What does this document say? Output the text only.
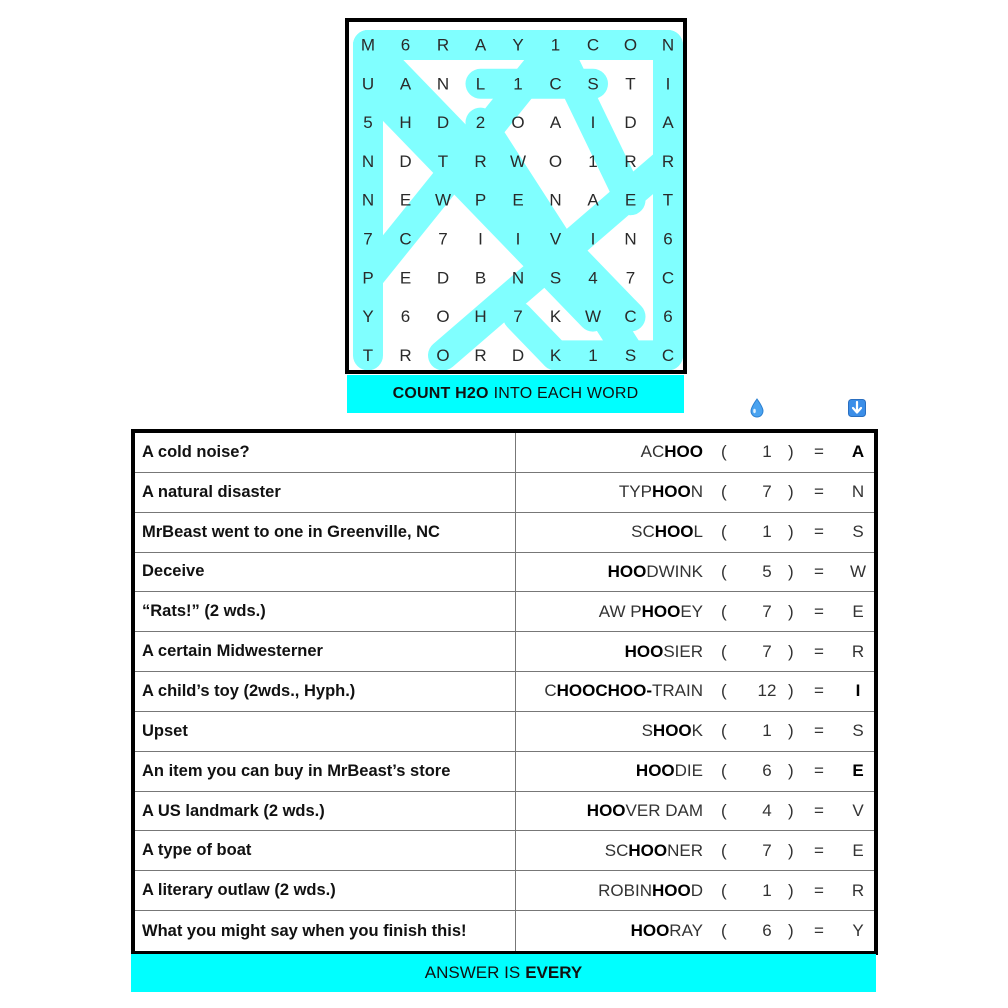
M 6 R A Y 1 C O N
U A N L 1 C S T I
5 H D 2 O A I D A
N D T R W O 1 R R
N E W P E N A E T
7 C 7 I I V I N 6
P E D B N S 4 7 C
Y 6 O H 7 K W C 6
T R O R D K 1 S C
COUNT H2O INTO EACH WORD
A cold noise?	AC HOO (	1 ) = A
A natural disaster	TYP HOO N (	7 ) = N
MrBeast went to one in Greenville, NC	SC HOO L (	1 ) = S
Deceive	HOO DWINK (	5 ) = W
“Rats!” (2 wds.)	AW P HOO EY (	7 ) = E
A certain Midwesterner	HOO SIER (	7 ) = R
A child’s toy (2wds., Hyph.)	C HOOCHOO- TRAIN (	12 ) =	I
Upset	S HOO K (	1 ) = S
An item you can buy in MrBeast’s store	HOO DIE (	6 ) = E
A US landmark (2 wds.)	HOO VER DAM (	4 ) = V
A type of boat	SC HOO NER (	7 ) = E
A literary outlaw (2 wds.)	ROBIN HOO D (	1 ) = R
What you might say when you finish this!	HOO RAY (	6 ) = Y
ANSWER IS EVERY
